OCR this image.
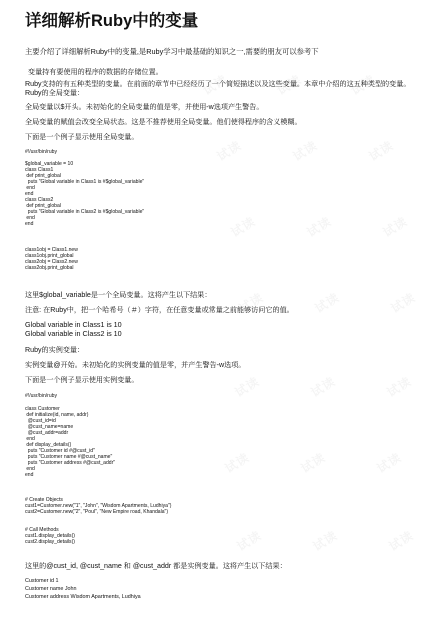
详细解析Ruby中的变量

主要介绍了详细解析Ruby中的变量,是Ruby学习中最基础的知识之一,需要的朋友可以参考下

变量持有要使用的程序的数据的存储位置。

Ruby支持的有五种类型的变量。在前面的章节中已经经历了一个简短描述以及这些变量。本章中介绍的这五种类型的变量。

Ruby的全局变量：

全局变量以$开头。未初始化的全局变量的值是零，并使用-w选项产生警告。

全局变量的赋值会改变全局状态。这是不推荐使用全局变量。他们使得程序的含义模糊。

下面是一个例子显示使用全局变量。

#!/usr/bin/ruby
$global_variable = 10
class Class1
def print_global
puts "Global variable in Class1 is #$global_variable"
end
end
class Class2
def print_global
puts "Global variable in Class2 is #$global_variable"
end
end
class1obj = Class1.new
class1obj.print_global
class2obj = Class2.new
class2obj.print_global

这里$global_variable是一个全局变量。这将产生以下结果：

注意: 在Ruby中，把一个哈希号（＃）字符，在任意变量或常量之前能够访问它的值。

Global variable in Class1 is 10
Global variable in Class2 is 10

Ruby的实例变量：

实例变量@开始。未初始化的实例变量的值是零，并产生警告-w选项。

下面是一个例子显示使用实例变量。

#!/usr/bin/ruby
class Customer
def initialize(id, name, addr)
@cust_id=id
@cust_name=name
@cust_addr=addr
end
def display_details()
puts "Customer id #@cust_id"
puts "Customer name #@cust_name"
puts "Customer address #@cust_addr"
end
end
# Create Objects
cust1=Customer.new("1", "John", "Wisdom Apartments, Ludhiya")
cust2=Customer.new("2", "Poul", "New Empire road, Khandala")
# Call Methods
cust1.display_details()
cust2.display_details()

这里的@cust_id, @cust_name 和 @cust_addr 都是实例变量。这将产生以下结果：

Customer id 1
Customer name John
Customer address Wisdom Apartments, Ludhiya
